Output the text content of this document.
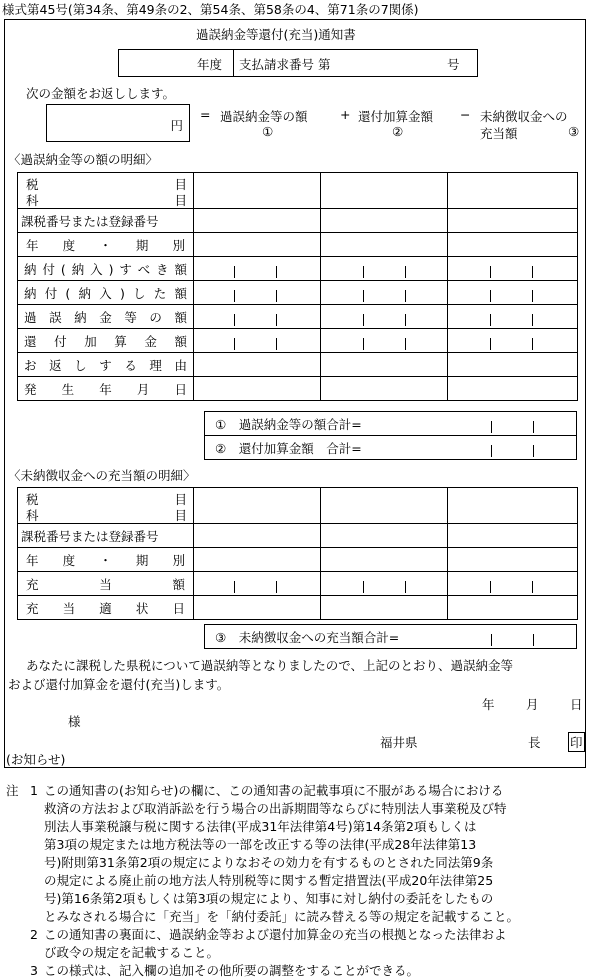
様式第45号(第34条、第49条の2、第54条、第58条の4、第71条の7関係)
過誤納金等還付(充当)通知書
年度 支払請求番号 第	号
次の金額をお返しします。
円
= 過誤納金等の額
①
+ 還付加算金額
②
− 未納徴収金への
充当額	③
〈過誤納金等の額の明細〉
税 目
科 目			

課税番号または登録番号			
年 度 ・ 期 別			
納付(納入)すべき額	

納付(納入)した額	

過誤納金等の額	

還付加算金額	

お返しする理由			
発生年月日			
①　過誤納金等の額合計=

②　還付加算金額　合計=
〈未納徴収金への充当額の明細〉
税 目
科 目			

課税番号または登録番号			
年 度 ・ 期 別			
充 当 額	

充当適状日			
③　未納徴収金への充当額合計=
あなたに課税した県税について過誤納等となりましたので、上記のとおり、過誤納金等
および還付加算金を還付(充当)します。
年	月	日
様
福井県	長 印
(お知らせ)
注 1 この通知書の(お知らせ)の欄に、この通知書の記載事項に不服がある場合における
救済の方法および取消訴訟を行う場合の出訴期間等ならびに特別法人事業税及び特
別法人事業税譲与税に関する法律(平成31年法律第4号)第14条第2項もしくは
第3項の規定または地方税法等の一部を改正する等の法律(平成28年法律第13
号)附則第31条第2項の規定によりなおその効力を有するものとされた同法第9条
の規定による廃止前の地方法人特別税等に関する暫定措置法(平成20年法律第25
号)第16条第2項もしくは第3項の規定により、知事に対し納付の委託をしたもの
とみなされる場合に「充当」を「納付委託」に読み替える等の規定を記載すること。
2 この通知書の裏面に、過誤納金等および還付加算金の充当の根拠となった法律およ
び政令の規定を記載すること。
3 この様式は、記入欄の追加その他所要の調整をすることができる。
